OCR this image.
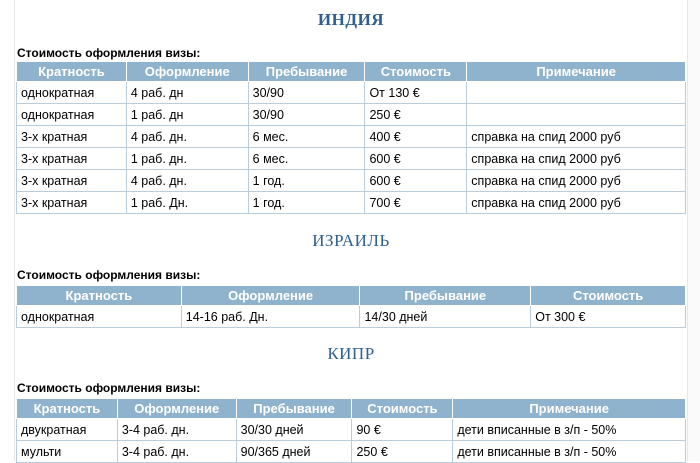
ИНДИЯ
Стоимость оформления визы:
Кратность	Оформление	Пребывание	Стоимость	Примечание
однократная	4 раб. дн	30/90	От 130 €	
однократная	1 раб. дн	30/90	250 €	
3-х кратная	4 раб. дн.	6 мес.	400 €	справка на спид 2000 руб
3-х кратная	1 раб. дн.	6 мес.	600 €	справка на спид 2000 руб
3-х кратная	4 раб. дн.	1 год.	600 €	справка на спид 2000 руб
3-х кратная	1 раб. Дн.	1 год.	700 €	справка на спид 2000 руб
ИЗРАИЛЬ
Стоимость оформления визы:
Кратность	Оформление	Пребывание	Стоимость
однократная	14-16 раб. Дн.	14/30 дней	От 300 €
КИПР
Стоимость оформления визы:
Кратность	Оформление	Пребывание	Стоимость	Примечание
двукратная	3-4 раб. дн.	30/30 дней	90 €	дети вписанные в з/п - 50%
мульти	3-4 раб. дн.	90/365 дней	250 €	дети вписанные в з/п - 50%
